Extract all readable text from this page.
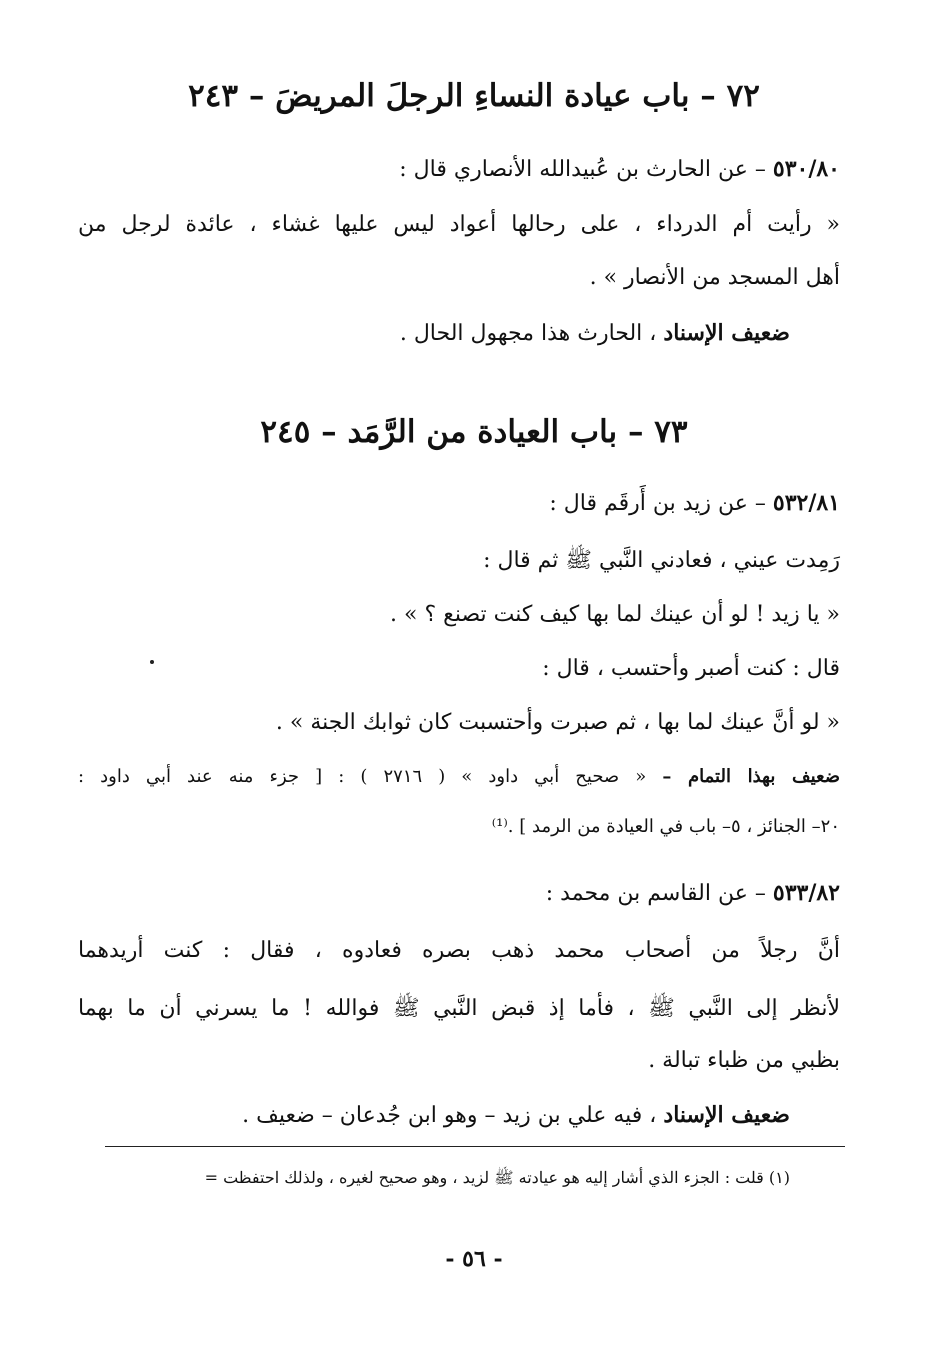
٧٢ – باب عيادة النساءِ الرجلَ المريضَ – ٢٤٣
٥٣٠/٨٠ – عن الحارث بن عُبيدالله الأنصاري قال :
« رأيت أم الدرداء ، على رحالها أعواد ليس عليها غشاء ، عائدة لرجل من
أهل المسجد من الأنصار » .
ضعيف الإسناد ، الحارث هذا مجهول الحال .
٧٣ – باب العيادة من الرَّمَد – ٢٤٥
٥٣٢/٨١ – عن زيد بن أَرقَم قال :
رَمِدت عيني ، فعادني النَّبي ﷺ ثم قال :
« يا زيد ! لو أن عينك لما بها كيف كنت تصنع ؟ » .
قال : كنت أصبر وأحتسب ، قال :
« لو أنَّ عينك لما بها ، ثم صبرت وأحتسبت كان ثوابك الجنة » .
ضعيف بهذا التمام – « صحيح أبي داود » ( ٢٧١٦ ) : [ جزء منه عند أبي داود :
٢٠– الجنائز ، ٥– باب في العيادة من الرمد ] .⁽¹⁾
٥٣٣/٨٢ – عن القاسم بن محمد :
أنَّ رجلاً من أصحاب محمد ذهب بصره فعادوه ، فقال : كنت أريدهما
لأنظر إلى النَّبي ﷺ ، فأما إذ قبض النَّبي ﷺ فوالله ! ما يسرني أن ما بهما
بظبي من ظباء تبالة .
ضعيف الإسناد ، فيه علي بن زيد – وهو ابن جُدعان – ضعيف .
(١) قلت : الجزء الذي أشار إليه هو عيادته ﷺ لزيد ، وهو صحيح لغيره ، ولذلك احتفظت =
- ٥٦ -
